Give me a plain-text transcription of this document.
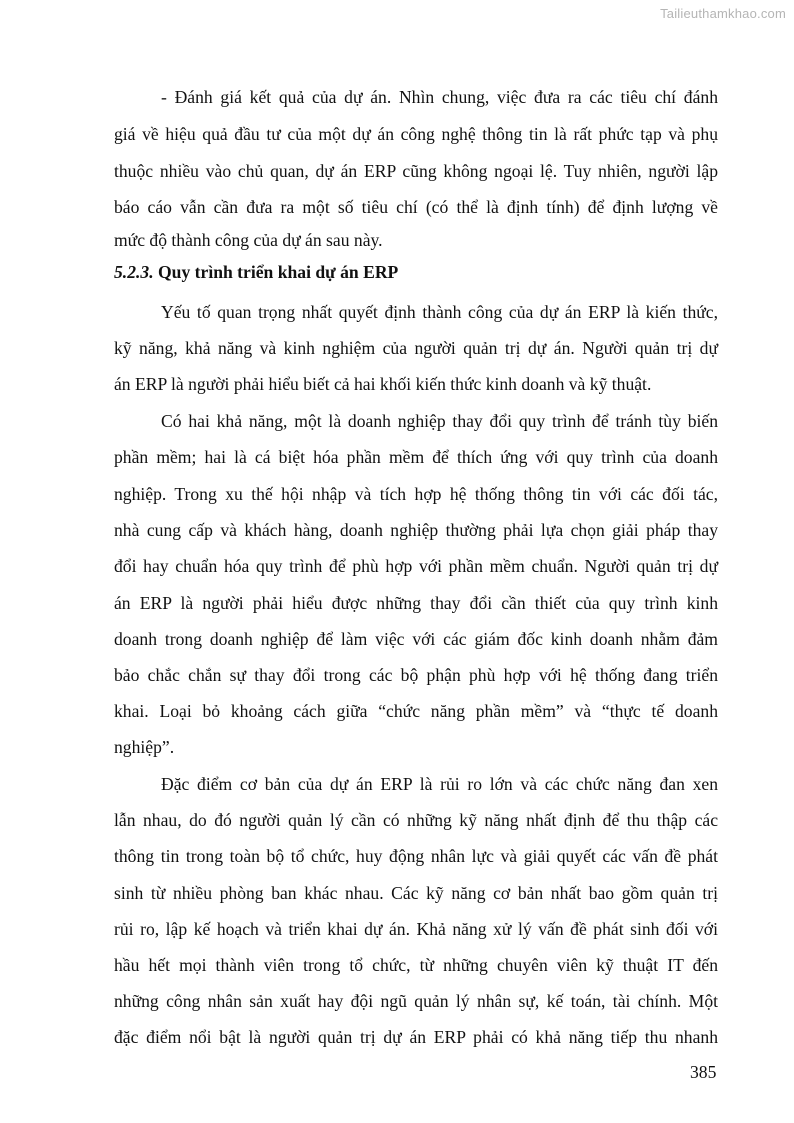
Tailieuthamkhao.com
- Đánh giá kết quả của dự án. Nhìn chung, việc đưa ra các tiêu chí đánh
giá về hiệu quả đầu tư của một dự án công nghệ thông tin là rất phức tạp và phụ
thuộc nhiều vào chủ quan, dự án ERP cũng không ngoại lệ. Tuy nhiên, người lập
báo cáo vẫn cần đưa ra một số tiêu chí (có thể là định tính) để định lượng về
mức độ thành công của dự án sau này.
5.2.3. Quy trình triển khai dự án ERP
Yếu tố quan trọng nhất quyết định thành công của dự án ERP là kiến thức,
kỹ năng, khả năng và kinh nghiệm của người quản trị dự án. Người quản trị dự
án ERP là người phải hiểu biết cả hai khối kiến thức kinh doanh và kỹ thuật.
Có hai khả năng, một là doanh nghiệp thay đổi quy trình để tránh tùy biến
phần mềm; hai là cá biệt hóa phần mềm để thích ứng với quy trình của doanh
nghiệp. Trong xu thế hội nhập và tích hợp hệ thống thông tin với các đối tác,
nhà cung cấp và khách hàng, doanh nghiệp thường phải lựa chọn giải pháp thay
đổi hay chuẩn hóa quy trình để phù hợp với phần mềm chuẩn. Người quản trị dự
án ERP là người phải hiểu được những thay đổi cần thiết của quy trình kinh
doanh trong doanh nghiệp để làm việc với các giám đốc kinh doanh nhằm đảm
bảo chắc chắn sự thay đổi trong các bộ phận phù hợp với hệ thống đang triển
khai. Loại bỏ khoảng cách giữa “chức năng phần mềm” và “thực tế doanh
nghiệp”.
Đặc điểm cơ bản của dự án ERP là rủi ro lớn và các chức năng đan xen
lẫn nhau, do đó người quản lý cần có những kỹ năng nhất định để thu thập các
thông tin trong toàn bộ tổ chức, huy động nhân lực và giải quyết các vấn đề phát
sinh từ nhiều phòng ban khác nhau. Các kỹ năng cơ bản nhất bao gồm quản trị
rủi ro, lập kế hoạch và triển khai dự án. Khả năng xử lý vấn đề phát sinh đối với
hầu hết mọi thành viên trong tổ chức, từ những chuyên viên kỹ thuật IT đến
những công nhân sản xuất hay đội ngũ quản lý nhân sự, kế toán, tài chính. Một
đặc điểm nổi bật là người quản trị dự án ERP phải có khả năng tiếp thu nhanh
385
